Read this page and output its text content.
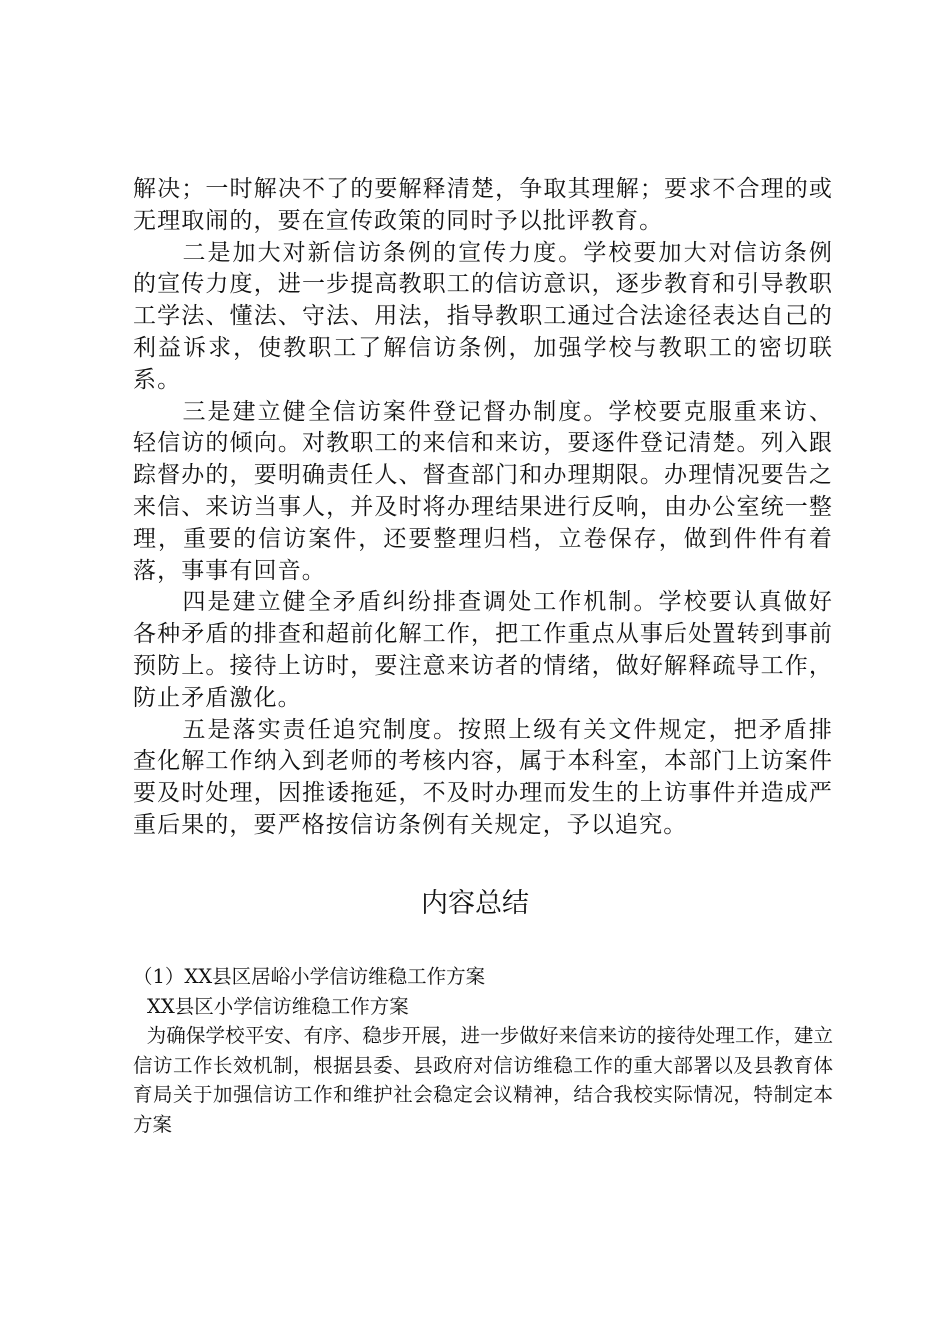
解决；一时解决不了的要解释清楚，争取其理解；要求不合理的或无理取闹的，要在宣传政策的同时予以批评教育。

二是加大对新信访条例的宣传力度。学校要加大对信访条例的宣传力度，进一步提高教职工的信访意识，逐步教育和引导教职工学法、懂法、守法、用法，指导教职工通过合法途径表达自己的利益诉求，使教职工了解信访条例，加强学校与教职工的密切联系。

三是建立健全信访案件登记督办制度。学校要克服重来访、轻信访的倾向。对教职工的来信和来访，要逐件登记清楚。列入跟踪督办的，要明确责任人、督查部门和办理期限。办理情况要告之来信、来访当事人，并及时将办理结果进行反响，由办公室统一整理，重要的信访案件，还要整理归档，立卷保存，做到件件有着落，事事有回音。

四是建立健全矛盾纠纷排查调处工作机制。学校要认真做好各种矛盾的排查和超前化解工作，把工作重点从事后处置转到事前预防上。接待上访时，要注意来访者的情绪，做好解释疏导工作，防止矛盾激化。

五是落实责任追究制度。按照上级有关文件规定，把矛盾排查化解工作纳入到老师的考核内容，属于本科室，本部门上访案件要及时处理，因推诿拖延，不及时办理而发生的上访事件并造成严重后果的，要严格按信访条例有关规定，予以追究。

内容总结

（1）XX县区居峪小学信访维稳工作方案

XX县区小学信访维稳工作方案

为确保学校平安、有序、稳步开展，进一步做好来信来访的接待处理工作，建立信访工作长效机制，根据县委、县政府对信访维稳工作的重大部署以及县教育体育局关于加强信访工作和维护社会稳定会议精神，结合我校实际情况，特制定本方案
